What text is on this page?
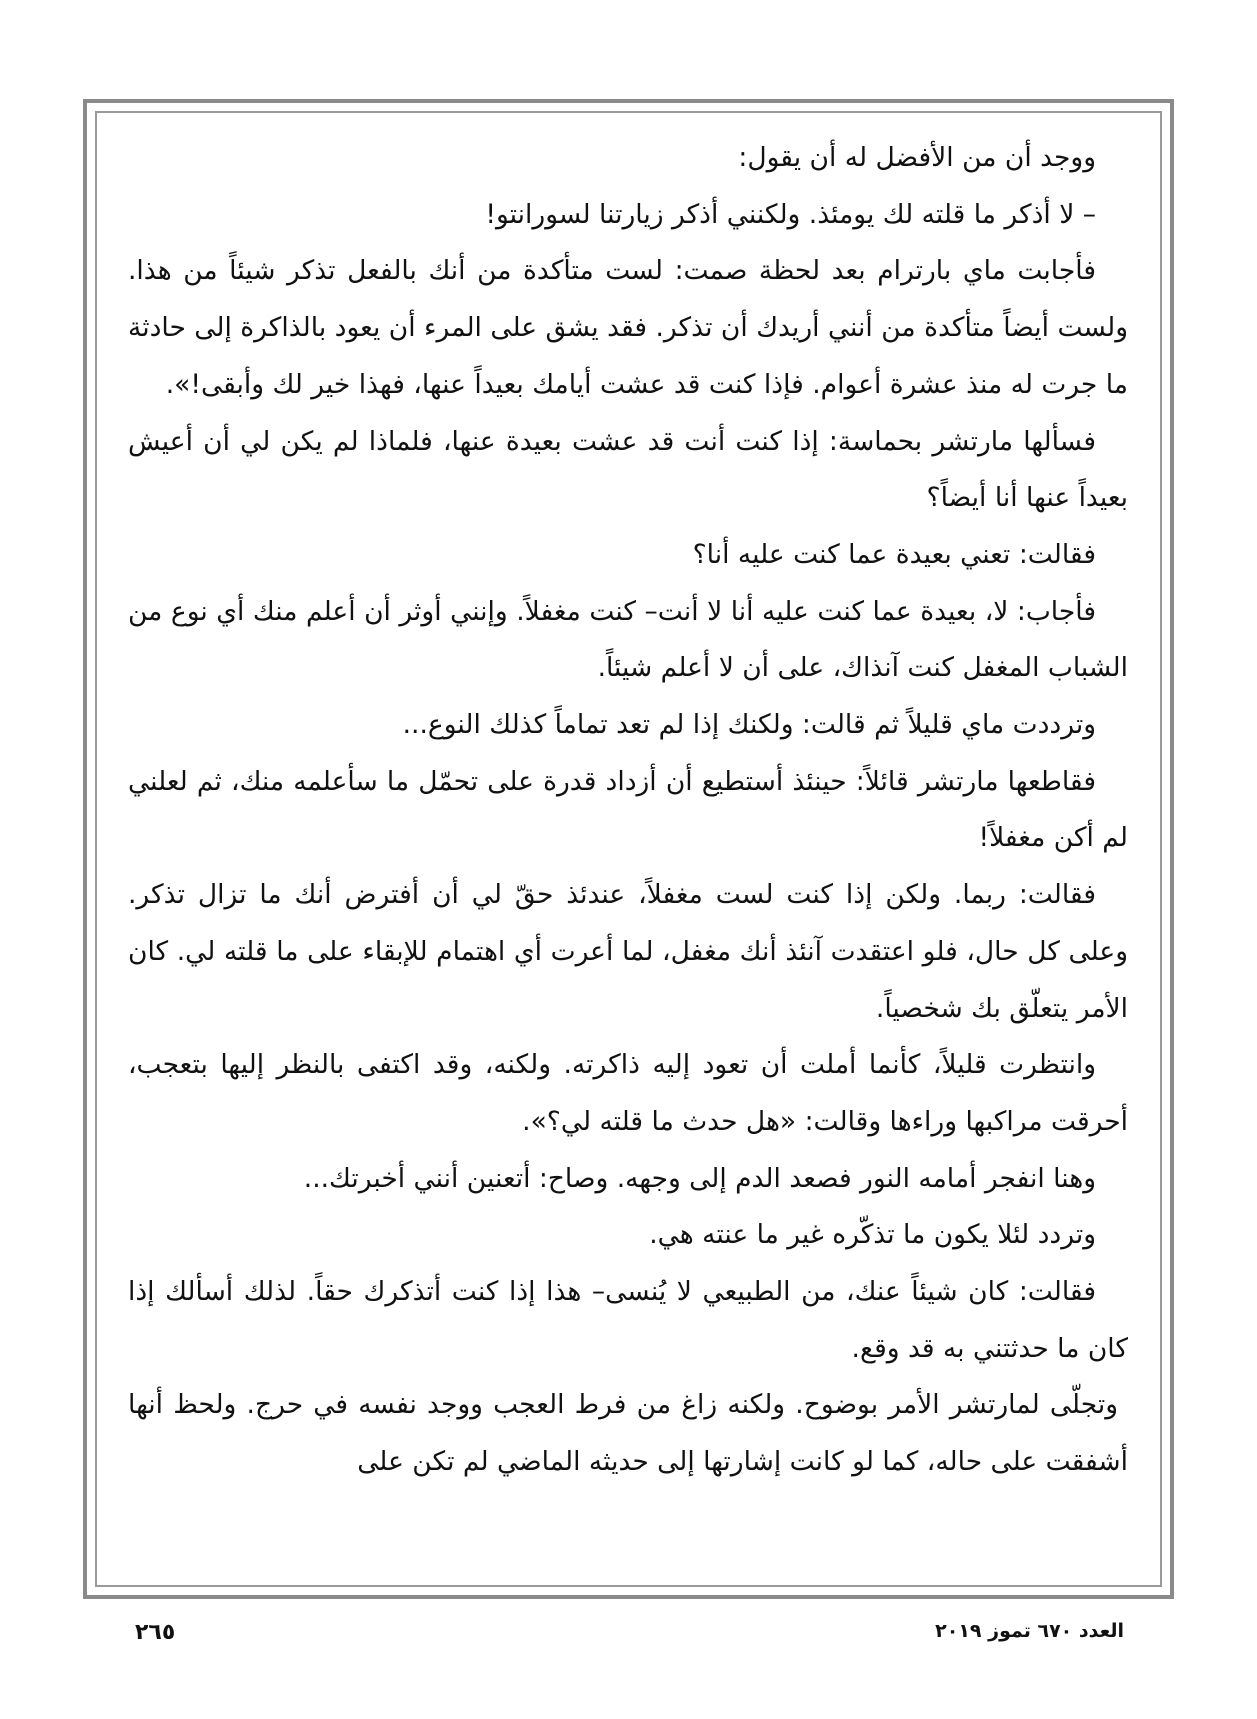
ووجد أن من الأفضل له أن يقول:

– لا أذكر ما قلته لك يومئذ. ولكنني أذكر زيارتنا لسورانتو!

فأجابت ماي بارترام بعد لحظة صمت: لست متأكدة من أنك بالفعل تذكر شيئاً من هذا. ولست أيضاً متأكدة من أنني أريدك أن تذكر. فقد يشق على المرء أن يعود بالذاكرة إلى حادثة ما جرت له منذ عشرة أعوام. فإذا كنت قد عشت أيامك بعيداً عنها، فهذا خير لك وأبقى!».

فسألها مارتشر بحماسة: إذا كنت أنت قد عشت بعيدة عنها، فلماذا لم يكن لي أن أعيش بعيداً عنها أنا أيضاً؟

فقالت: تعني بعيدة عما كنت عليه أنا؟

فأجاب: لا، بعيدة عما كنت عليه أنا لا أنت– كنت مغفلاً. وإنني أوثر أن أعلم منك أي نوع من الشباب المغفل كنت آنذاك، على أن لا أعلم شيئاً.

وترددت ماي قليلاً ثم قالت: ولكنك إذا لم تعد تماماً كذلك النوع...

فقاطعها مارتشر قائلاً: حينئذ أستطيع أن أزداد قدرة على تحمّل ما سأعلمه منك، ثم لعلني لم أكن مغفلاً!

فقالت: ربما. ولكن إذا كنت لست مغفلاً، عندئذ حقّ لي أن أفترض أنك ما تزال تذكر. وعلى كل حال، فلو اعتقدت آنئذ أنك مغفل، لما أعرت أي اهتمام للإبقاء على ما قلته لي. كان الأمر يتعلّق بك شخصياً.

وانتظرت قليلاً، كأنما أملت أن تعود إليه ذاكرته. ولكنه، وقد اكتفى بالنظر إليها بتعجب، أحرقت مراكبها وراءها وقالت: «هل حدث ما قلته لي؟».

وهنا انفجر أمامه النور فصعد الدم إلى وجهه. وصاح: أتعنين أنني أخبرتك...

وتردد لئلا يكون ما تذكّره غير ما عنته هي.

فقالت: كان شيئاً عنك، من الطبيعي لا يُنسى– هذا إذا كنت أتذكرك حقاً. لذلك أسألك إذا كان ما حدثتني به قد وقع.

وتجلّى لمارتشر الأمر بوضوح. ولكنه زاغ من فرط العجب ووجد نفسه في حرج. ولحظ أنها أشفقت على حاله، كما لو كانت إشارتها إلى حديثه الماضي لم تكن على

٢٦٥	العدد ٦٧٠ تموز ٢٠١٩
